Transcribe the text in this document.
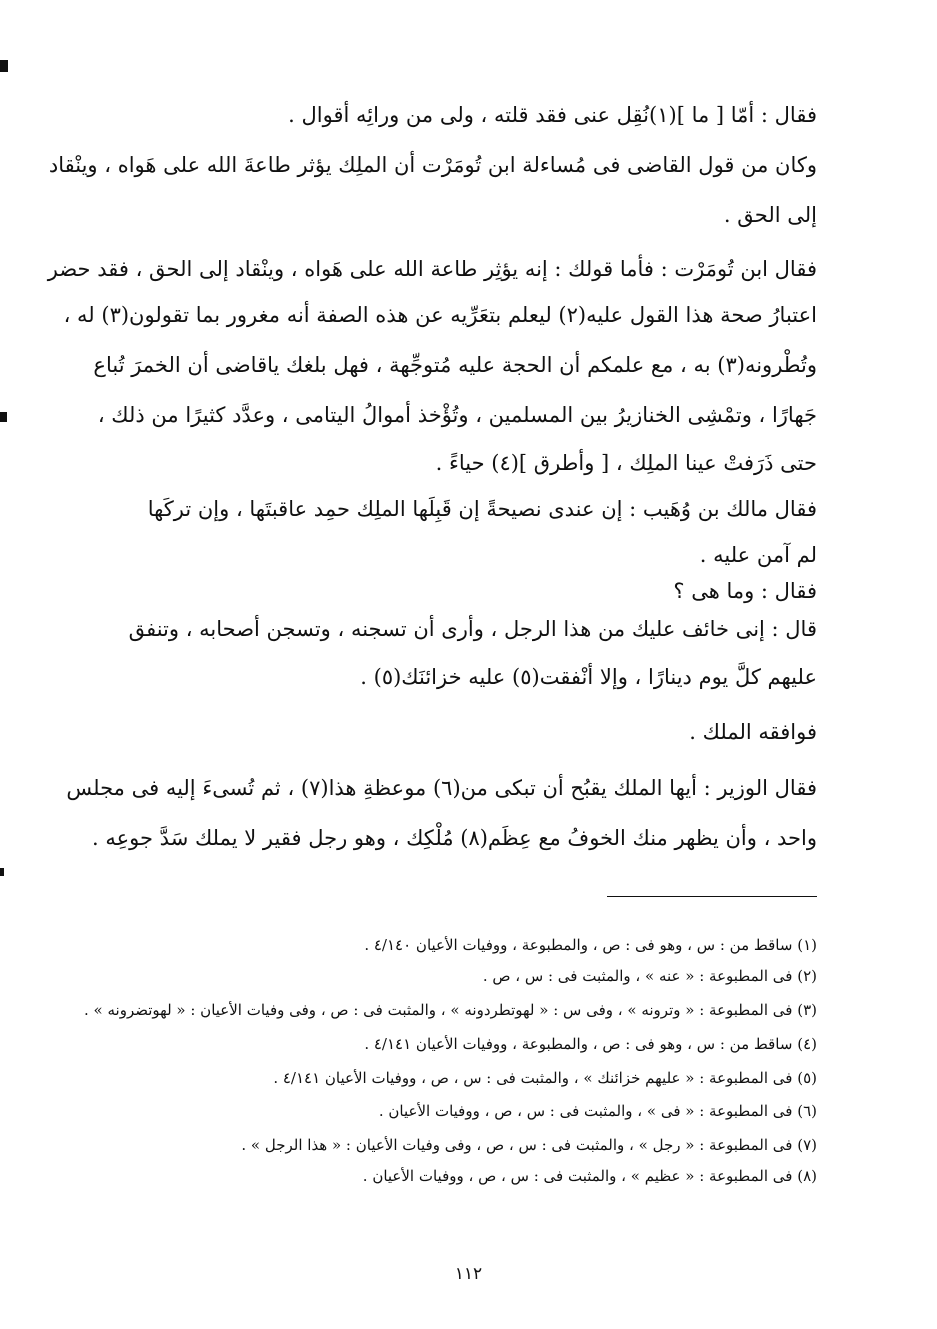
فقال : أمّا [ ما ](١)نُقِل عنى فقد قلته ، ولى من ورائِه أقوال .
وكان من قول القاضى فى مُساءلة ابن تُومَرْت أن الملِك يؤثر طاعةَ الله على هَواه ، وينْقاد
إلى الحق .
فقال ابن تُومَرْت : فأما قولك : إنه يؤثِر طاعة الله على هَواه ، وينْقاد إلى الحق ، فقد حضر
اعتبارُ صحة هذا القول عليه(٢) ليعلم بتعَرِّيه عن هذه الصفة أنه مغرور بما تقولون(٣) له ،
وتُطْرونه(٣) به ، مع علمكم أن الحجة عليه مُتوجِّهة ، فهل بلغك ياقاضى أن الخمرَ تُباع
جَهارًا ، وتمْشِى الخنازيرُ بين المسلمين ، وتُؤْخذ أموالُ اليتامى ، وعدَّد كثيرًا من ذلك ،
حتى ذَرَفتْ عينا الملِك ، [ وأطرق ](٤) حياءً .
فقال مالك بن وُهَيب : إن عندى نصيحةً إن قَبِلَها الملِك حمِد عاقبتَها ، وإن تركَها
لم آمن عليه .
فقال : وما هى ؟
قال : إنى خائف عليك من هذا الرجل ، وأرى أن تسجنه ، وتسجن أصحابه ، وتنفق
عليهم كلَّ يوم دينارًا ، وإلا أنْفقت(٥) عليه خزائنَك(٥) .
فوافقه الملك .
فقال الوزير : أيها الملك يقبُح أن تبكى من(٦) موعظةِ هذا(٧) ، ثم تُسىءَ إليه فى مجلس
واحد ، وأن يظهر منك الخوفُ مع عِظَم(٨) مُلْكِك ، وهو رجل فقير لا يملك سَدَّ جوعِه .
(١) ساقط من : س ، وهو فى : ص ، والمطبوعة ، ووفيات الأعيان ٤/١٤٠ .
(٢) فى المطبوعة : « عنه » ، والمثبت فى : س ، ص .
(٣) فى المطبوعة : « وترونه » ، وفى س : « لهوتطردونه » ، والمثبت فى : ص ، وفى وفيات الأعيان : « لهوتضرونه » .
(٤) ساقط من : س ، وهو فى : ص ، والمطبوعة ، ووفيات الأعيان ٤/١٤١ .
(٥) فى المطبوعة : « عليهم خزائنك » ، والمثبت فى : س ، ص ، ووفيات الأعيان ٤/١٤١ .
(٦) فى المطبوعة : « فى » ، والمثبت فى : س ، ص ، ووفيات الأعيان .
(٧) فى المطبوعة : « رجل » ، والمثبت فى : س ، ص ، وفى وفيات الأعيان : « هذا الرجل » .
(٨) فى المطبوعة : « عظيم » ، والمثبت فى : س ، ص ، ووفيات الأعيان .
١١٢
